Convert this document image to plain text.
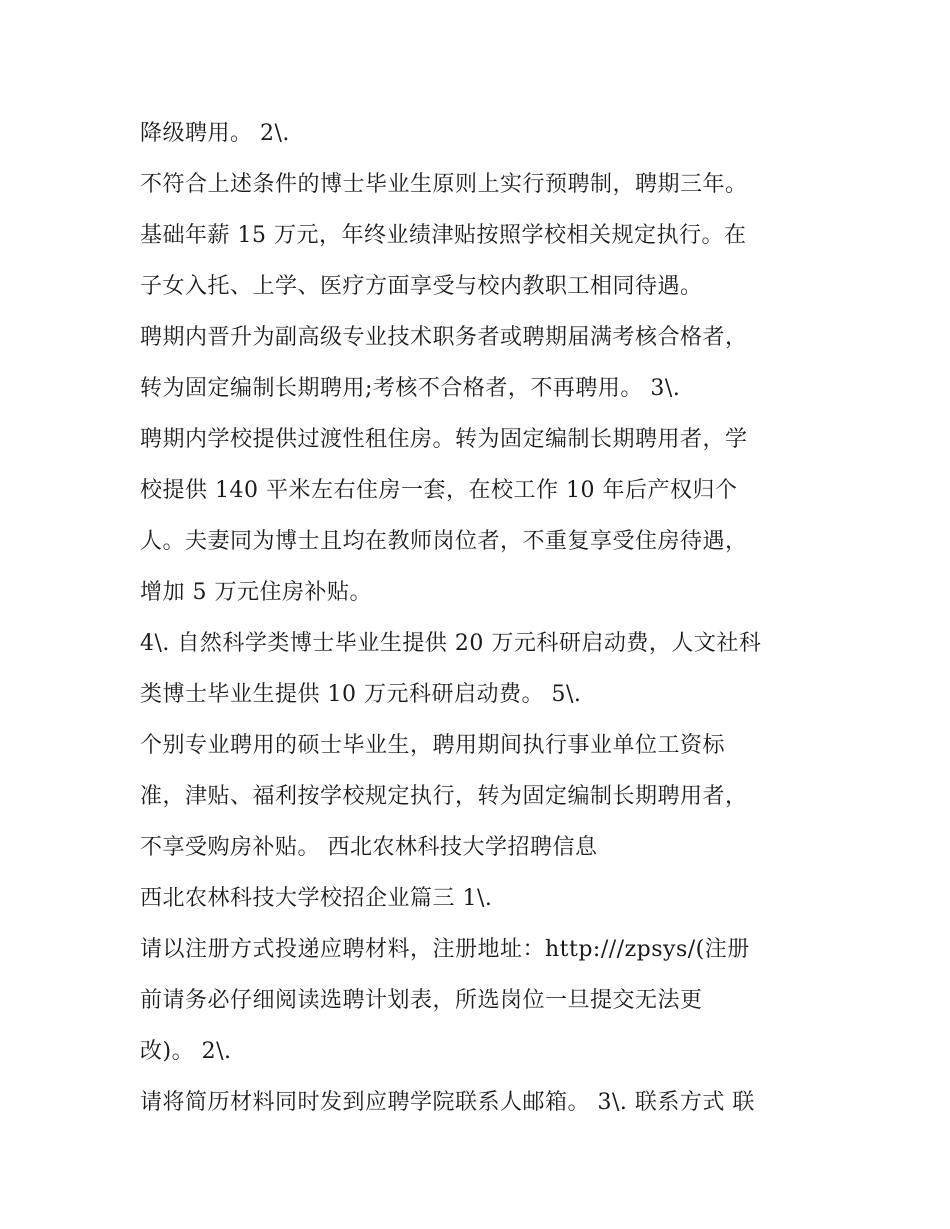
降级聘用。 2\.
不符合上述条件的博士毕业生原则上实行预聘制，聘期三年。
基础年薪 15 万元，年终业绩津贴按照学校相关规定执行。在
子女入托、上学、医疗方面享受与校内教职工相同待遇。
聘期内晋升为副高级专业技术职务者或聘期届满考核合格者，
转为固定编制长期聘用;考核不合格者，不再聘用。 3\.
聘期内学校提供过渡性租住房。转为固定编制长期聘用者，学
校提供 140 平米左右住房一套，在校工作 10 年后产权归个
人。夫妻同为博士且均在教师岗位者，不重复享受住房待遇，
增加 5 万元住房补贴。
4\. 自然科学类博士毕业生提供 20 万元科研启动费，人文社科
类博士毕业生提供 10 万元科研启动费。 5\.
个别专业聘用的硕士毕业生，聘用期间执行事业单位工资标
准，津贴、福利按学校规定执行，转为固定编制长期聘用者，
不享受购房补贴。 西北农林科技大学招聘信息
西北农林科技大学校招企业篇三 1\.
请以注册方式投递应聘材料，注册地址：http:///zpsys/(注册
前请务必仔细阅读选聘计划表，所选岗位一旦提交无法更
改)。 2\.
请将简历材料同时发到应聘学院联系人邮箱。 3\. 联系方式 联
